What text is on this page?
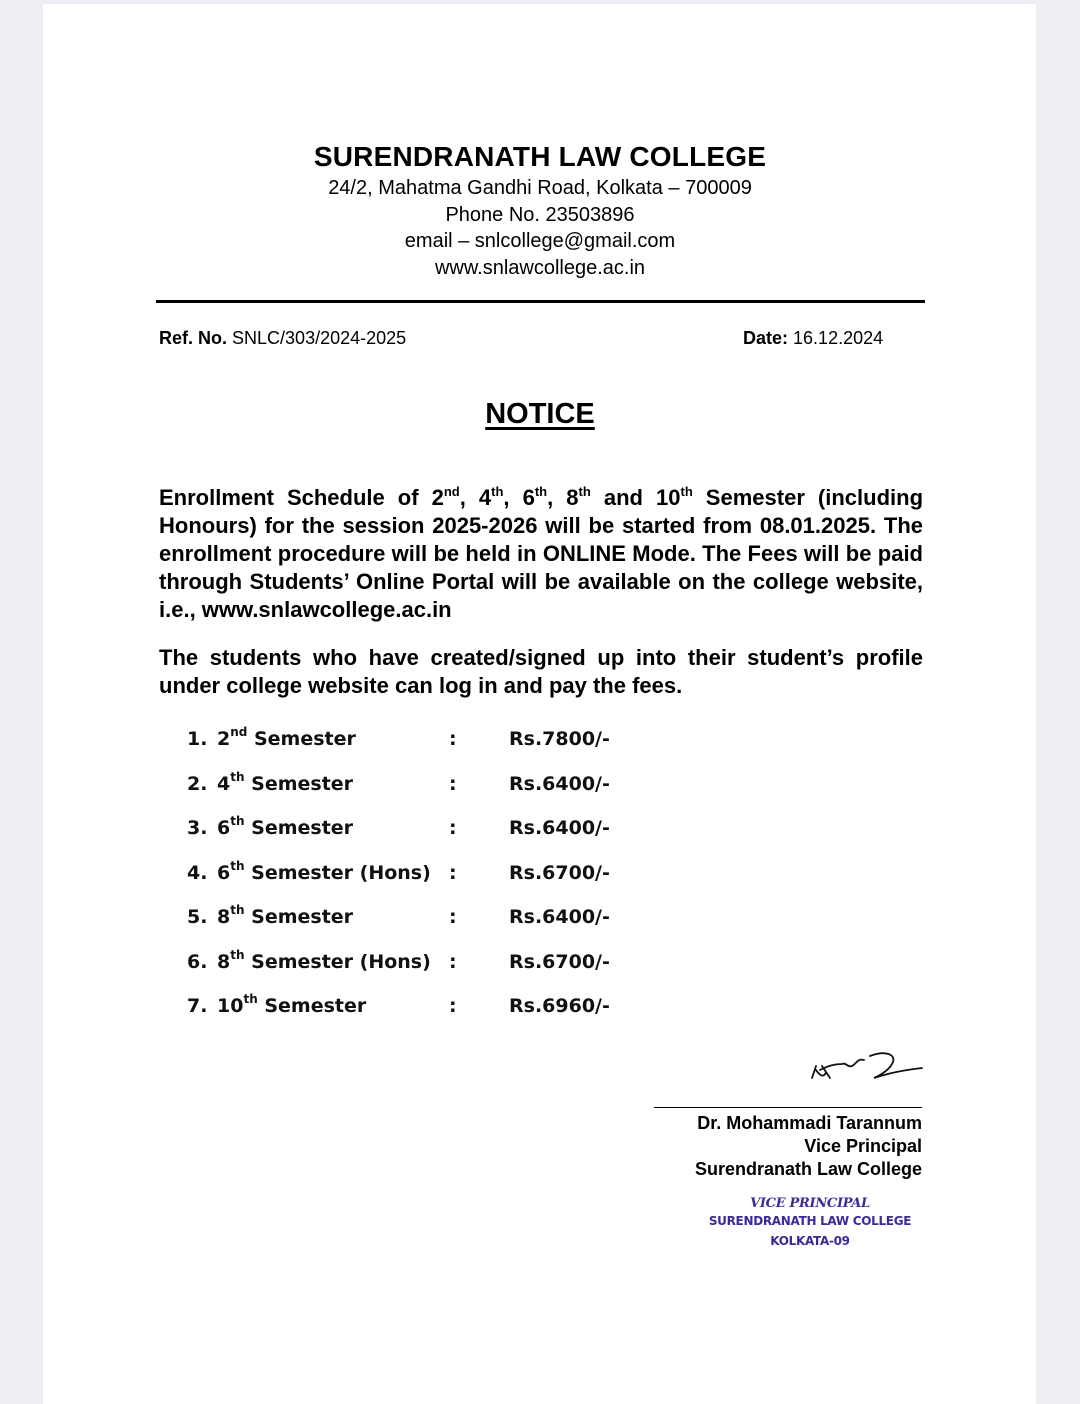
SURENDRANATH LAW COLLEGE
24/2, Mahatma Gandhi Road, Kolkata – 700009
Phone No. 23503896
email – snlcollege@gmail.com
www.snlawcollege.ac.in
Ref. No. SNLC/303/2024-2025	Date: 16.12.2024
NOTICE
Enrollment Schedule of 2nd, 4th, 6th, 8th and 10th Semester (including Honours) for the session 2025-2026 will be started from 08.01.2025. The enrollment procedure will be held in ONLINE Mode. The Fees will be paid through Students’ Online Portal will be available on the college website, i.e., www.snlawcollege.ac.in
The students who have created/signed up into their student’s profile under college website can log in and pay the fees.
1. 2nd Semester	:	Rs.7800/-
2. 4th Semester	:	Rs.6400/-
3. 6th Semester	:	Rs.6400/-
4. 6th Semester (Hons) :	Rs.6700/-
5. 8th Semester	:	Rs.6400/-
6. 8th Semester (Hons) :	Rs.6700/-
7. 10th Semester	:	Rs.6960/-
Dr. Mohammadi Tarannum
Vice Principal
Surendranath Law College
VICE PRINCIPAL
SURENDRANATH LAW COLLEGE
KOLKATA-09
